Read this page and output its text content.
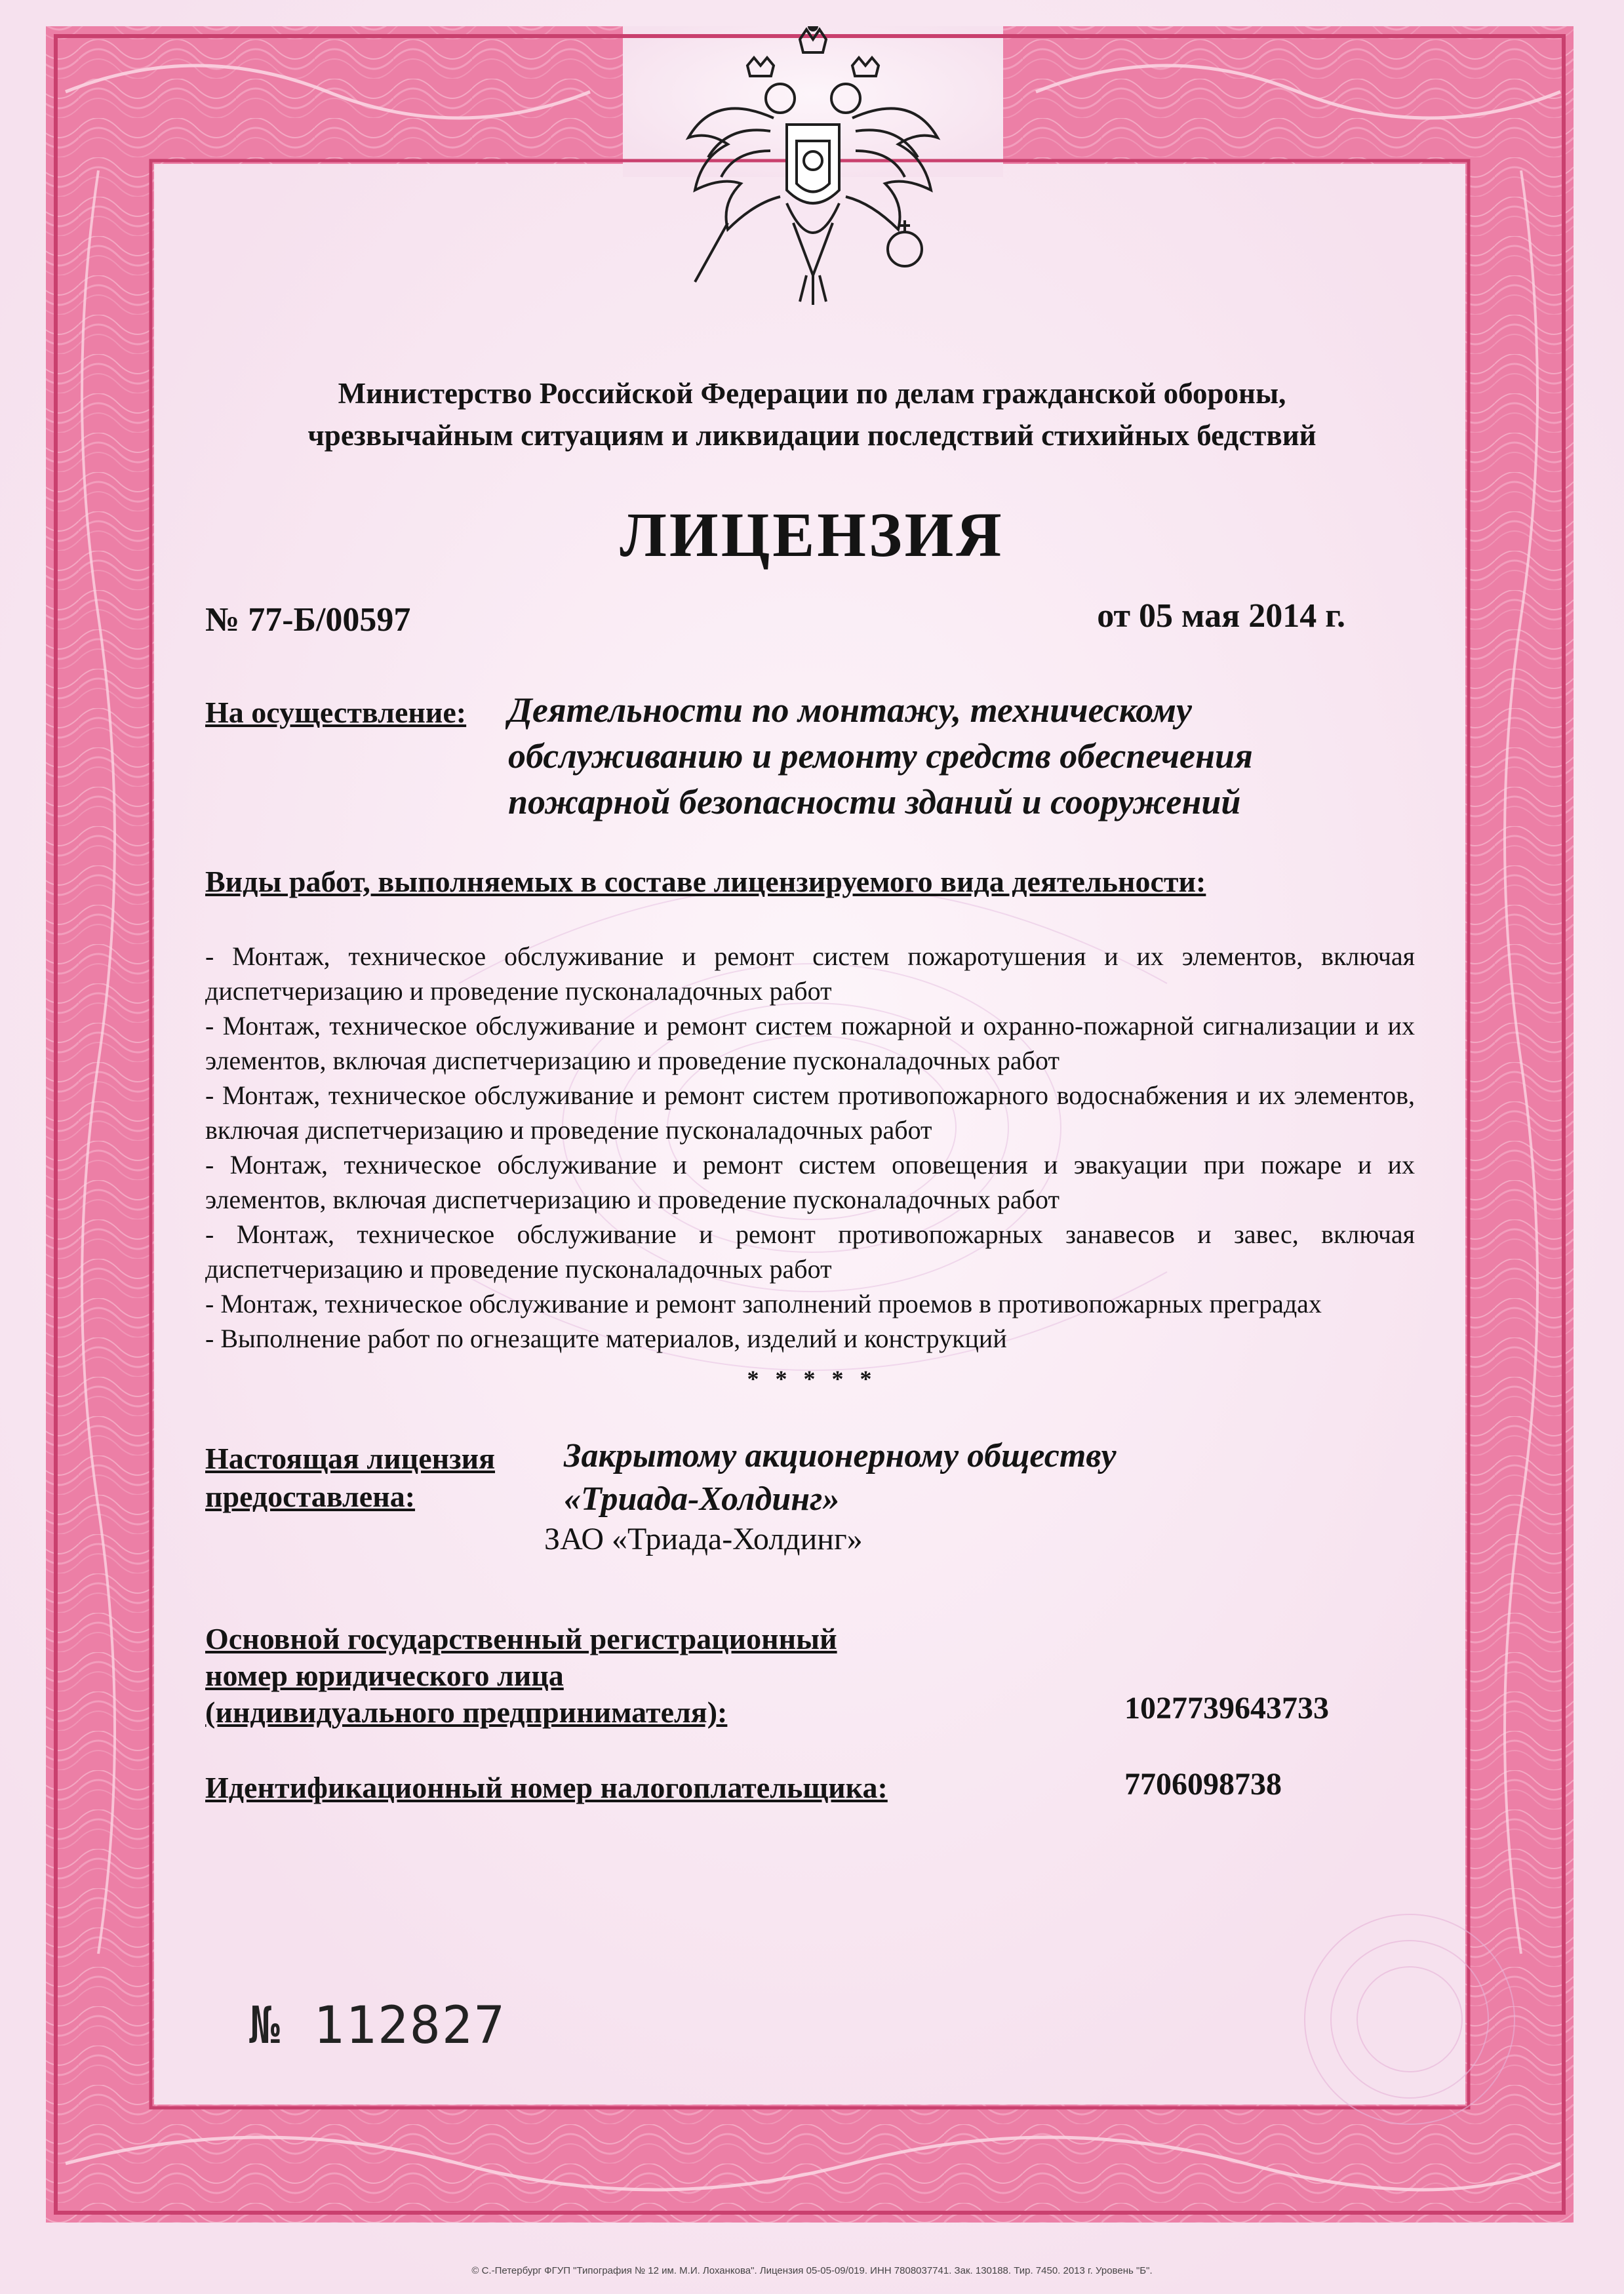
Министерство Российской Федерации по делам гражданской обороны,
чрезвычайным ситуациям и ликвидации последствий стихийных бедствий
ЛИЦЕНЗИЯ
№ 77-Б/00597	от 05 мая 2014 г.
На осуществление: Деятельности по монтажу, техническому
обслуживанию и ремонту средств обеспечения
пожарной безопасности зданий и сооружений
Виды работ, выполняемых в составе лицензируемого вида деятельности:
- Монтаж, техническое обслуживание и ремонт систем пожаротушения и их элементов, включая диспетчеризацию и проведение пусконаладочных работ
- Монтаж, техническое обслуживание и ремонт систем пожарной и охранно-пожарной сигнализации и их элементов, включая диспетчеризацию и проведение пусконаладочных работ
- Монтаж, техническое обслуживание и ремонт систем противопожарного водоснабжения и их элементов, включая диспетчеризацию и проведение пусконаладочных работ
- Монтаж, техническое обслуживание и ремонт систем оповещения и эвакуации при пожаре и их элементов, включая диспетчеризацию и проведение пусконаладочных работ
- Монтаж, техническое обслуживание и ремонт противопожарных занавесов и завес, включая диспетчеризацию и проведение пусконаладочных работ
- Монтаж, техническое обслуживание и ремонт заполнений проемов в противопожарных преградах
- Выполнение работ по огнезащите материалов, изделий и конструкций
* * * * *
Настоящая лицензия
предоставлена:
Закрытому акционерному обществу
«Триада-Холдинг»
ЗАО «Триада-Холдинг»
Основной государственный регистрационный
номер юридического лица
(индивидуального предпринимателя):	1027739643733
Идентификационный номер налогоплательщика:	7706098738
№ 112827
© С.-Петербург ФГУП "Типография № 12 им. М.И. Лоханкова". Лицензия 05-05-09/019. ИНН 7808037741. Зак. 130188. Тир. 7450. 2013 г. Уровень "Б".
